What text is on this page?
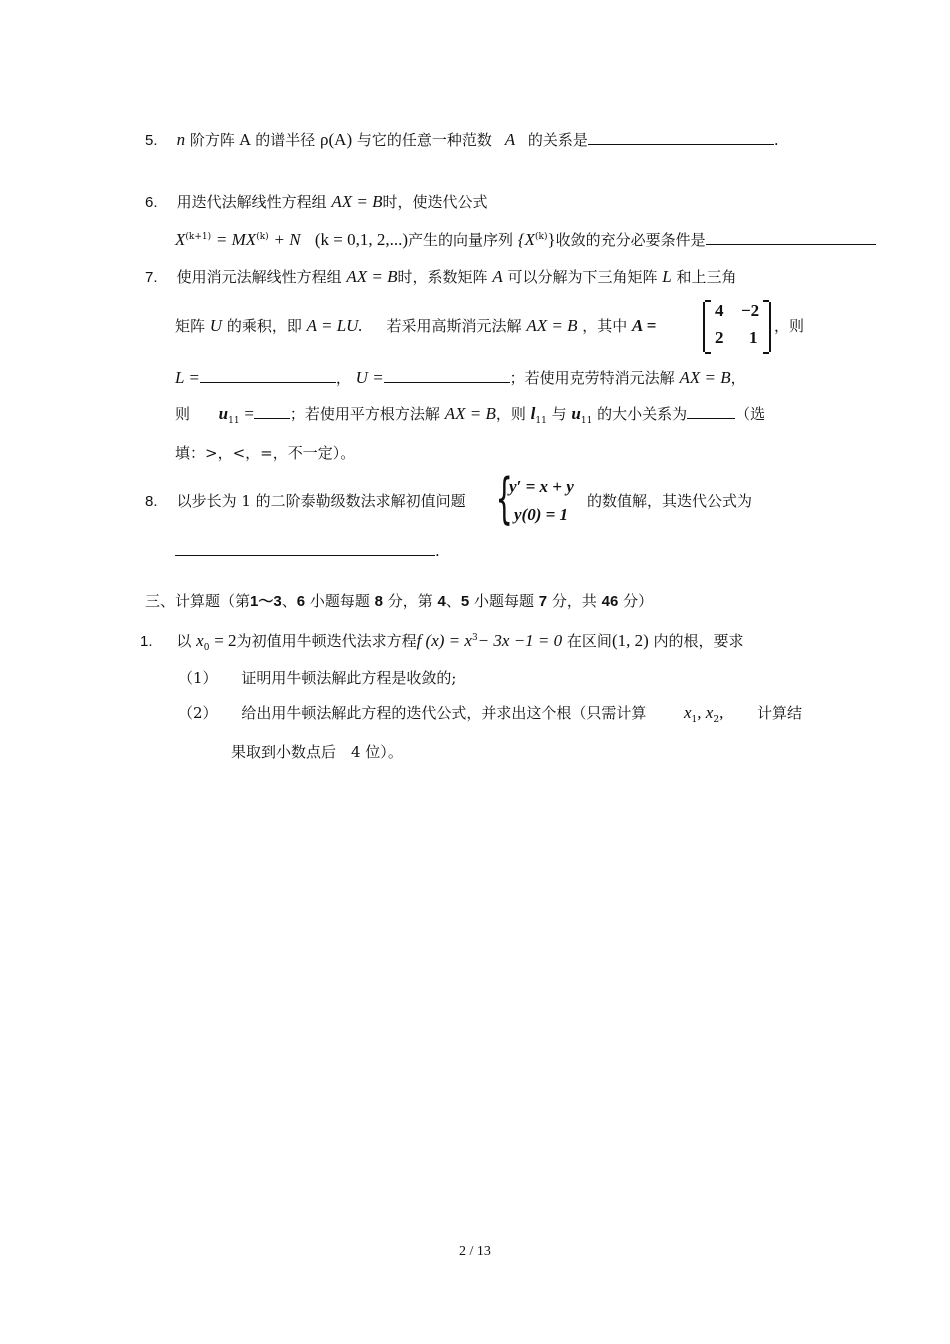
5. n 阶方阵 A 的谱半径 ρ(A) 与它的任意一种范数 A 的关系是	.
6. 用迭代法解线性方程组 AX = B时，使迭代公式
$X^{(k+1)} = MX^{(k)} + N$ (k = 0,1, 2,...)产生的向量序列 $\{X^{(k)}\}$收敛的充分必要条件是
7. 使用消元法解线性方程组 AX = B时，系数矩阵 A 可以分解为下三角矩阵 L 和上三角
矩阵 U 的乘积，即 A = LU. 若采用高斯消元法解 AX = B ，其中 A =
4 −2
2 1
，则
L =	， U =	；若使用克劳特消元法解 AX = B，
则 $u_{11}$ = ；若使用平方根方法解 AX = B，则 $l_{11}$ 与 $u_{11}$ 的大小关系为	（选
填：>，<，=，不一定）。
8. 以步长为 1 的二阶泰勒级数法求解初值问题 {
y′ = x + y
y(0) = 1
的数值解，其迭代公式为
.
三、计算题（第1～3、6 小题每题 8 分，第 4、5 小题每题 7 分，共 46 分）
1. 以 $x_0 = 2$为初值用牛顿迭代法求方程f $(x) = x^3- 3x -1 = 0$ 在区间(1, 2) 内的根，要求
（1） 证明用牛顿法解此方程是收敛的;
（2） 给出用牛顿法解此方程的迭代公式，并求出这个根（只需计算 $x_1$, $x_2$, 计算结
果取到小数点后　4 位）。
2 / 13
